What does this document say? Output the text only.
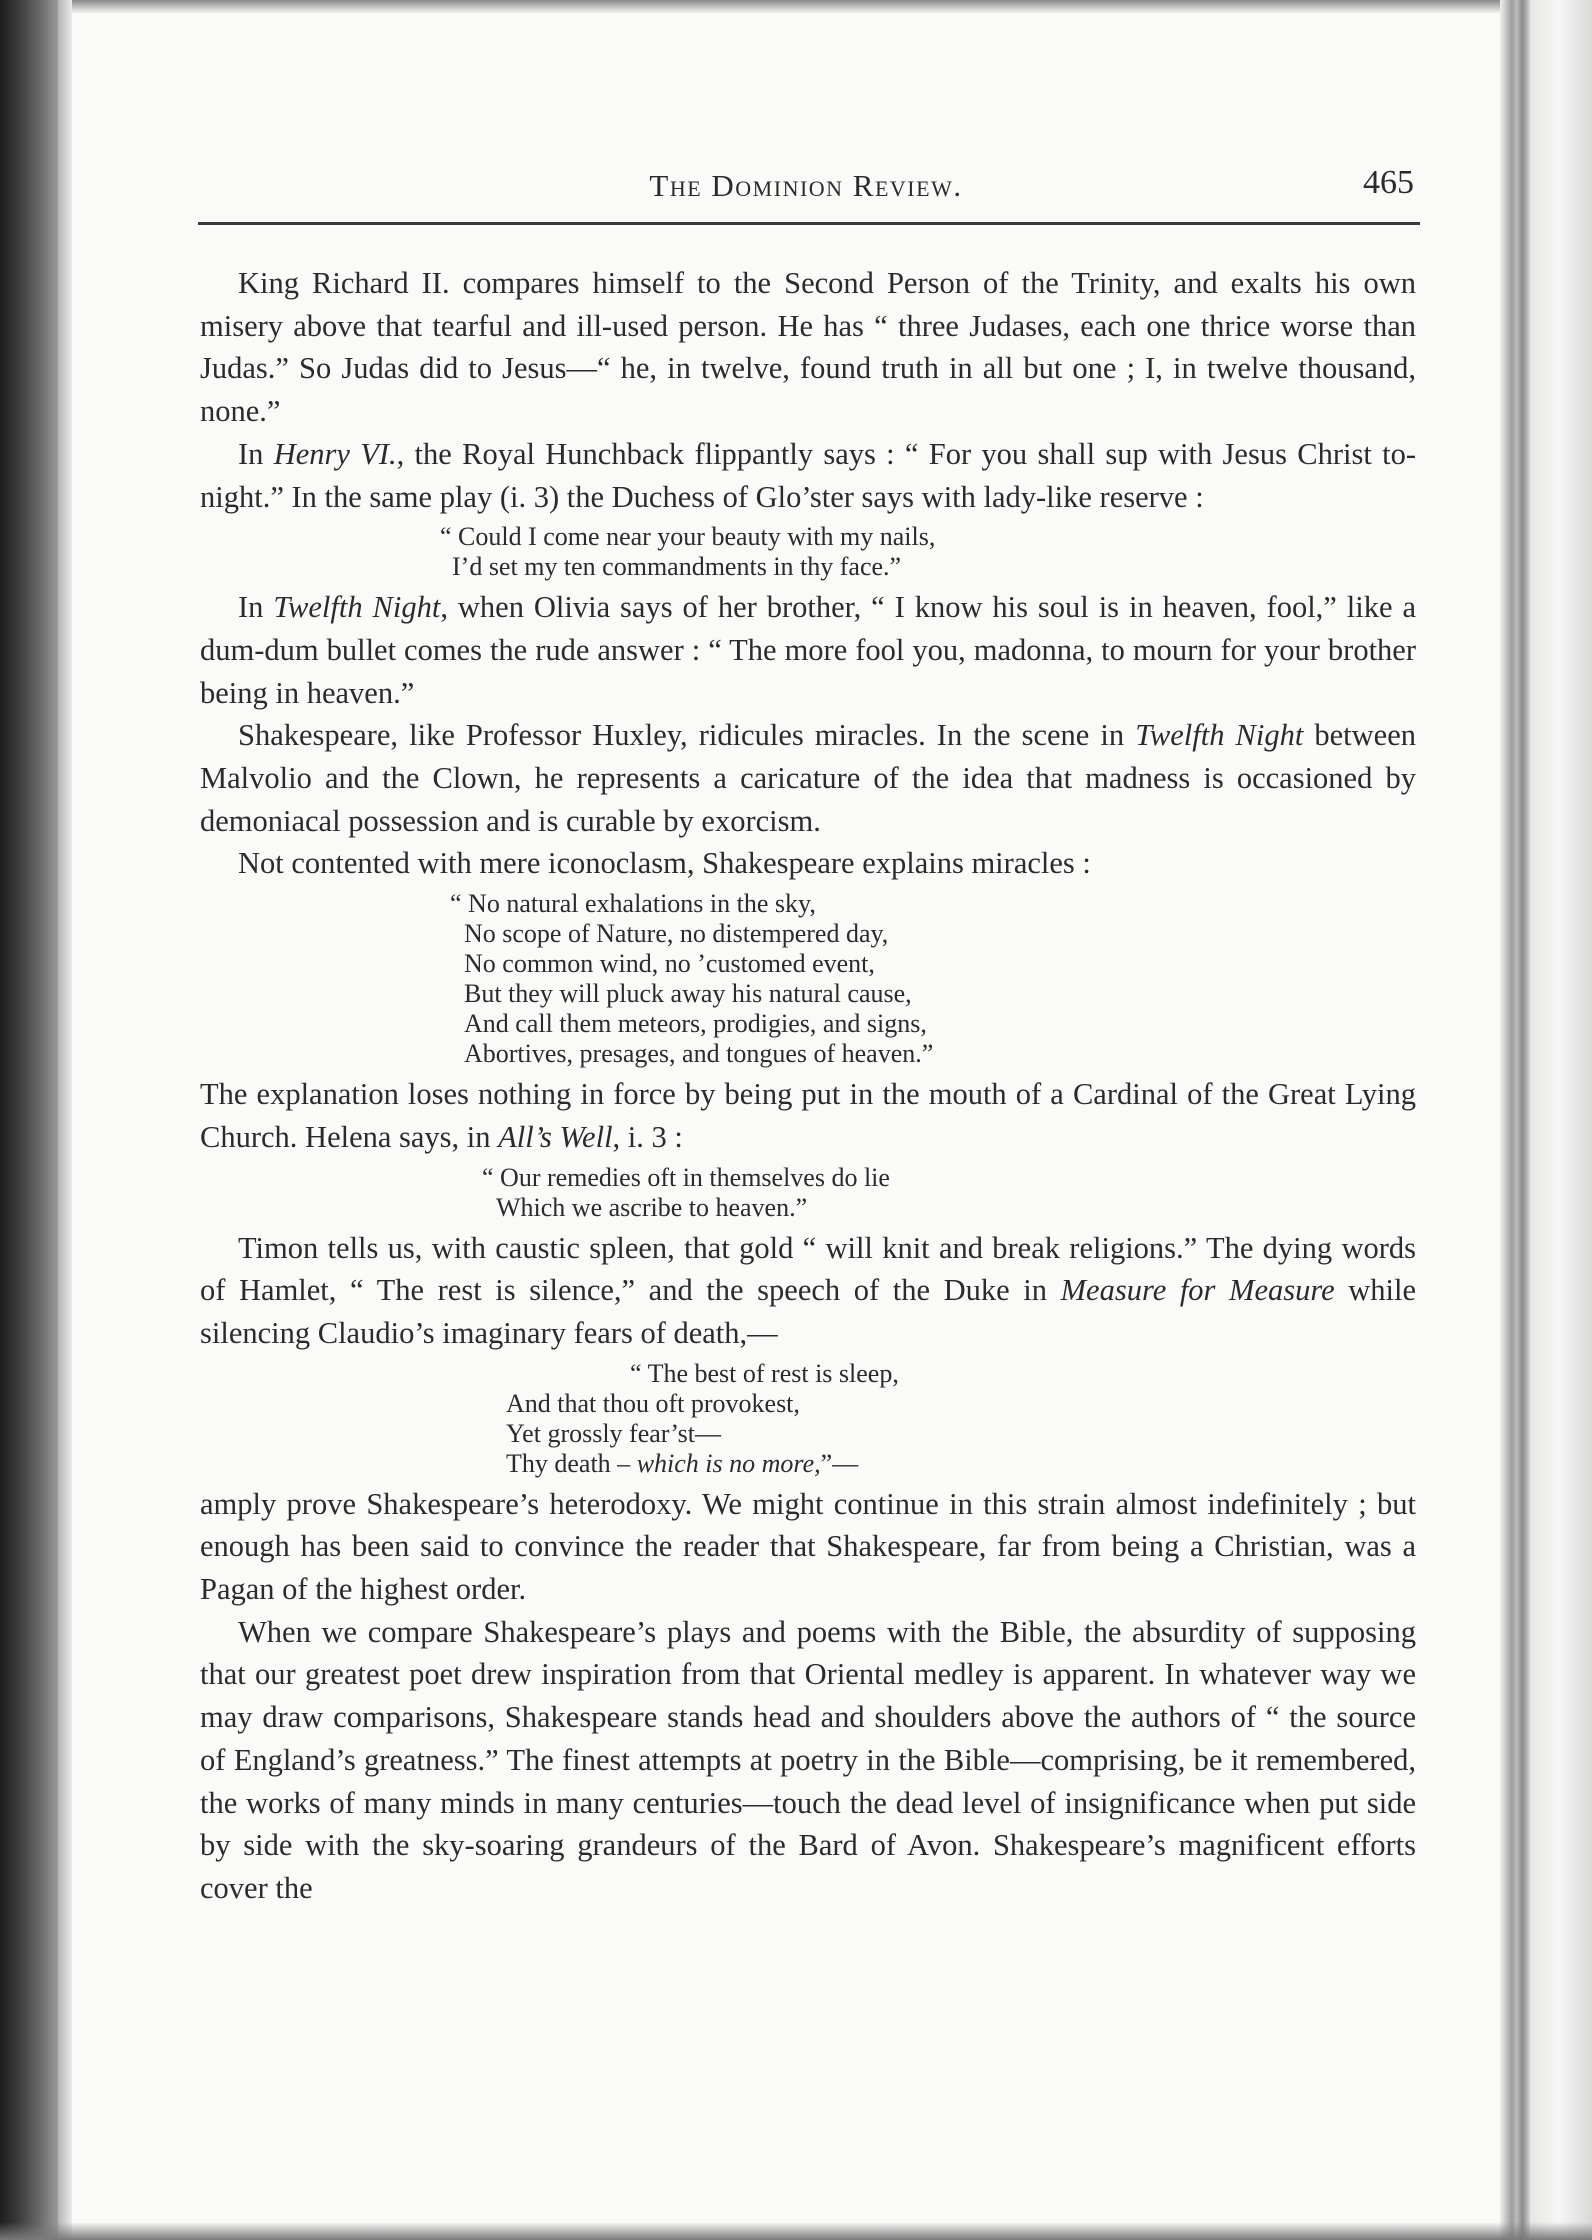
The Dominion Review.	465

King Richard II. compares himself to the Second Person of the Trinity, and exalts his own misery above that tearful and ill-used person. He has “ three Judases, each one thrice worse than Judas.” So Judas did to Jesus—“ he, in twelve, found truth in all but one ; I, in twelve thousand, none.”

In Henry VI., the Royal Hunchback flippantly says : “ For you shall sup with Jesus Christ to-night.” In the same play (i. 3) the Duchess of Glo’ster says with lady-like reserve :

“ Could I come near your beauty with my nails,
I’d set my ten commandments in thy face.”

In Twelfth Night, when Olivia says of her brother, “ I know his soul is in heaven, fool,” like a dum-dum bullet comes the rude answer : “ The more fool you, madonna, to mourn for your brother being in heaven.”

Shakespeare, like Professor Huxley, ridicules miracles. In the scene in Twelfth Night between Malvolio and the Clown, he represents a caricature of the idea that madness is occasioned by demoniacal possession and is curable by exorcism.

Not contented with mere iconoclasm, Shakespeare explains miracles :

“ No natural exhalations in the sky,
No scope of Nature, no distempered day,
No common wind, no ’customed event,
But they will pluck away his natural cause,
And call them meteors, prodigies, and signs,
Abortives, presages, and tongues of heaven.”

The explanation loses nothing in force by being put in the mouth of a Cardinal of the Great Lying Church. Helena says, in All’s Well, i. 3 :

“ Our remedies oft in themselves do lie
Which we ascribe to heaven.”

Timon tells us, with caustic spleen, that gold “ will knit and break religions.” The dying words of Hamlet, “ The rest is silence,” and the speech of the Duke in Measure for Measure while silencing Claudio’s imaginary fears of death,—

“ The best of rest is sleep,
And that thou oft provokest,
Yet grossly fear’st—
Thy death – which is no more,”—

amply prove Shakespeare’s heterodoxy. We might continue in this strain almost indefinitely ; but enough has been said to convince the reader that Shakespeare, far from being a Christian, was a Pagan of the highest order.

When we compare Shakespeare’s plays and poems with the Bible, the absurdity of supposing that our greatest poet drew inspiration from that Oriental medley is apparent. In whatever way we may draw comparisons, Shakespeare stands head and shoulders above the authors of “ the source of England’s greatness.” The finest attempts at poetry in the Bible—comprising, be it remembered, the works of many minds in many centuries—touch the dead level of insignificance when put side by side with the sky-soaring grandeurs of the Bard of Avon. Shakespeare’s magnificent efforts cover the
